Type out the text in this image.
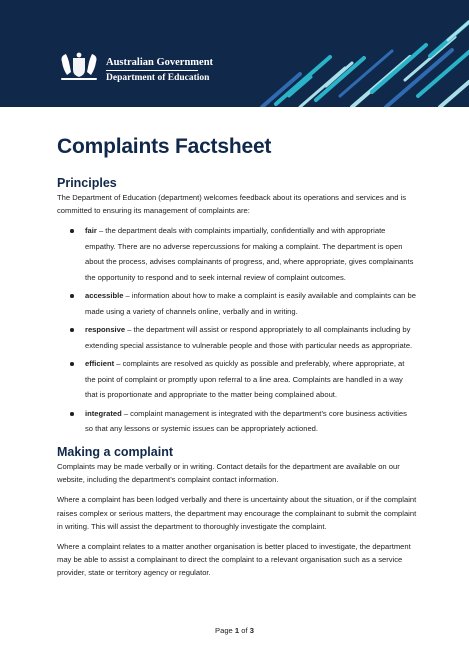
Australian Government
Department of Education
Complaints Factsheet
Principles

The Department of Education (department) welcomes feedback about its operations and services and is committed to ensuring its management of complaints are:

fair – the department deals with complaints impartially, confidentially and with appropriate empathy. There are no adverse repercussions for making a complaint. The department is open about the process, advises complainants of progress, and, where appropriate, gives complainants the opportunity to respond and to seek internal review of complaint outcomes.
accessible – information about how to make a complaint is easily available and complaints can be made using a variety of channels online, verbally and in writing.
responsive – the department will assist or respond appropriately to all complainants including by extending special assistance to vulnerable people and those with particular needs as appropriate.
efficient – complaints are resolved as quickly as possible and preferably, where appropriate, at the point of complaint or promptly upon referral to a line area. Complaints are handled in a way that is proportionate and appropriate to the matter being complained about.
integrated – complaint management is integrated with the department’s core business activities so that any lessons or systemic issues can be appropriately actioned.
Making a complaint

Complaints may be made verbally or in writing. Contact details for the department are available on our website, including the department’s complaint contact information.

Where a complaint has been lodged verbally and there is uncertainty about the situation, or if the complaint raises complex or serious matters, the department may encourage the complainant to submit the complaint in writing. This will assist the department to thoroughly investigate the complaint.

Where a complaint relates to a matter another organisation is better placed to investigate, the department may be able to assist a complainant to direct the complaint to a relevant organisation such as a service provider, state or territory agency or regulator.

Page 1 of 3
